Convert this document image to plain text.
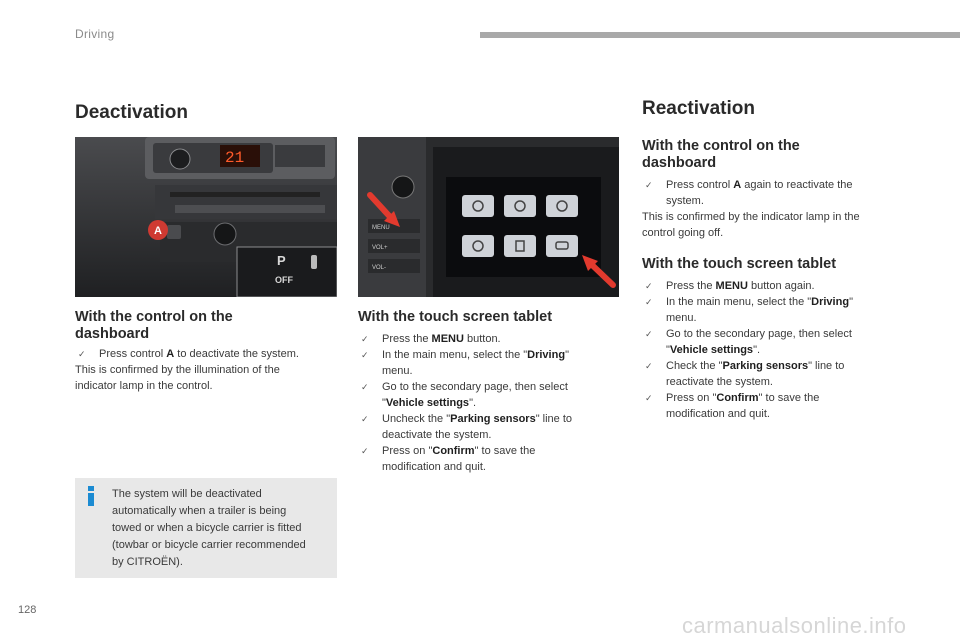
Driving
128
carmanualsonline.info
Deactivation
21
A
P
OFF
MENU
VOL+
VOL-
With the control on the
dashboard
✓ Press control A to deactivate the system.
This is confirmed by the illumination of the
indicator lamp in the control.
With the touch screen tablet
✓ Press the MENU button.
✓ In the main menu, select the "Driving"
menu.
✓ Go to the secondary page, then select
"Vehicle settings".
✓ Uncheck the "Parking sensors" line to
deactivate the system.
✓ Press on "Confirm" to save the
modification and quit.
The system will be deactivated
automatically when a trailer is being
towed or when a bicycle carrier is fitted
(towbar or bicycle carrier recommended
by CITROËN).
Reactivation
With the control on the
dashboard
✓ Press control A again to reactivate the
system.
This is confirmed by the indicator lamp in the
control going off.
With the touch screen tablet
✓ Press the MENU button again.
✓ In the main menu, select the "Driving"
menu.
✓ Go to the secondary page, then select
"Vehicle settings".
✓ Check the "Parking sensors" line to
reactivate the system.
✓ Press on "Confirm" to save the
modification and quit.
